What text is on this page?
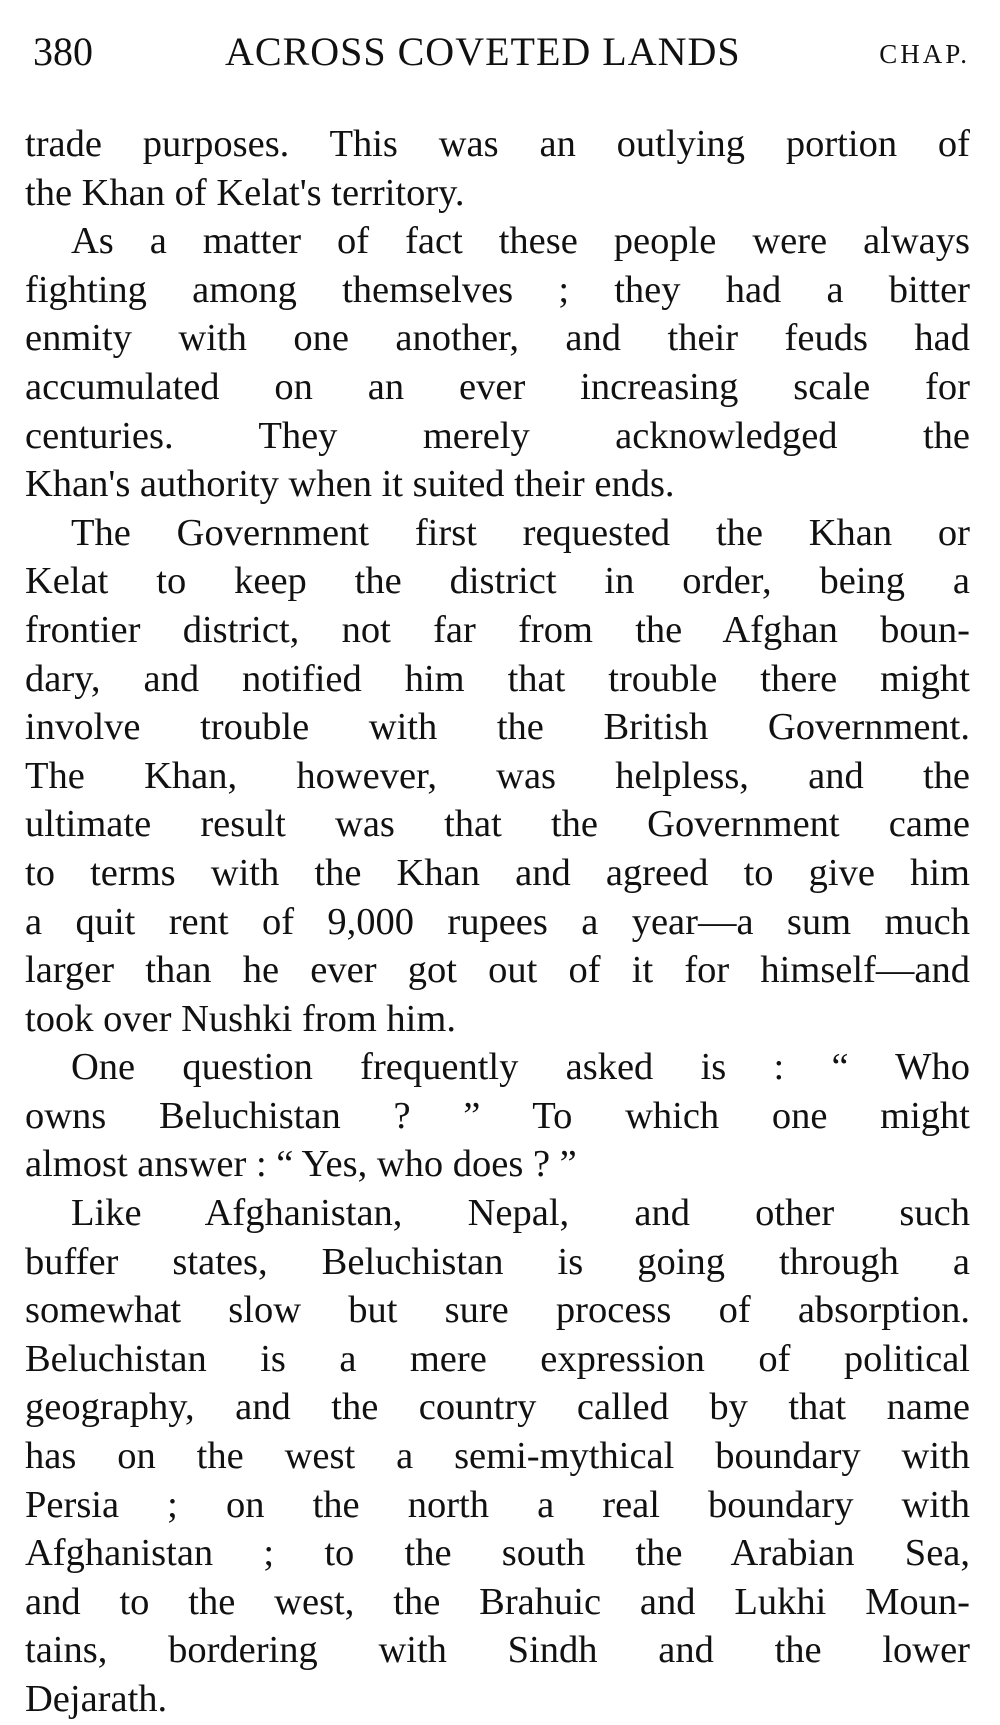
380	ACROSS COVETED LANDS	CHAP.
trade purposes. This was an outlying portion of
the Khan of Kelat's territory.
As a matter of fact these people were always
fighting among themselves ; they had a bitter
enmity with one another, and their feuds had
accumulated on an ever increasing scale for
centuries. They merely acknowledged the
Khan's authority when it suited their ends.
The Government first requested the Khan or
Kelat to keep the district in order, being a
frontier district, not far from the Afghan boun-
dary, and notified him that trouble there might
involve trouble with the British Government.
The Khan, however, was helpless, and the
ultimate result was that the Government came
to terms with the Khan and agreed to give him
a quit rent of 9,000 rupees a year—a sum much
larger than he ever got out of it for himself—and
took over Nushki from him.
One question frequently asked is : “ Who
owns Beluchistan ? ” To which one might
almost answer : “ Yes, who does ? ”
Like Afghanistan, Nepal, and other such
buffer states, Beluchistan is going through a
somewhat slow but sure process of absorption.
Beluchistan is a mere expression of political
geography, and the country called by that name
has on the west a semi-mythical boundary with
Persia ; on the north a real boundary with
Afghanistan ; to the south the Arabian Sea,
and to the west, the Brahuic and Lukhi Moun-
tains, bordering with Sindh and the lower
Dejarath.
